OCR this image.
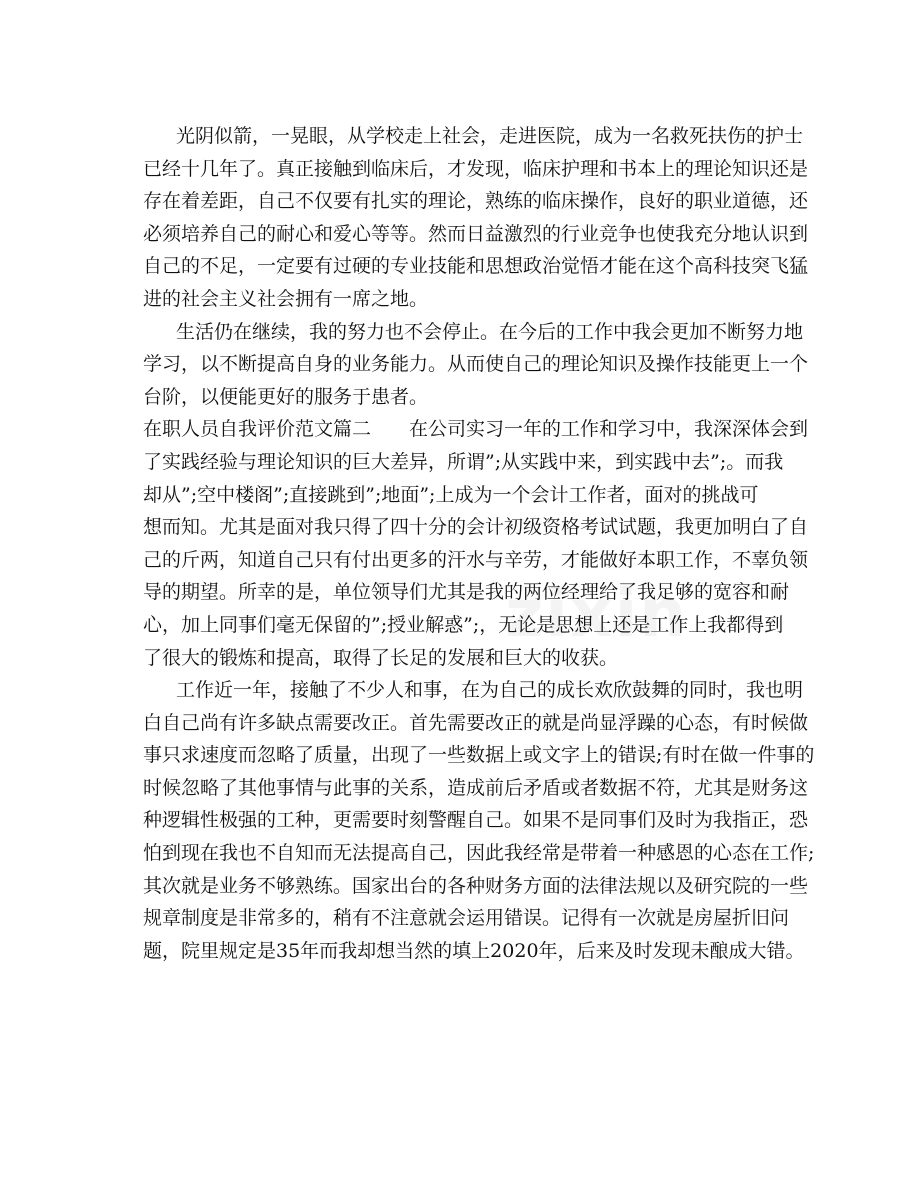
zixin
光阴似箭，一晃眼，从学校走上社会，走进医院，成为一名救死扶伤的护士
已经十几年了。真正接触到临床后，才发现，临床护理和书本上的理论知识还是
存在着差距，自己不仅要有扎实的理论，熟练的临床操作，良好的职业道德，还
必须培养自己的耐心和爱心等等。然而日益激烈的行业竞争也使我充分地认识到
自己的不足，一定要有过硬的专业技能和思想政治觉悟才能在这个高科技突飞猛
进的社会主义社会拥有一席之地。
生活仍在继续，我的努力也不会停止。在今后的工作中我会更加不断努力地
学习，以不断提高自身的业务能力。从而使自己的理论知识及操作技能更上一个
台阶，以便能更好的服务于患者。
在职人员自我评价范文篇二 在公司实习一年的工作和学习中，我深深体会到
了实践经验与理论知识的巨大差异，所谓”;从实践中来，到实践中去”;。而我
却从”;空中楼阁”;直接跳到”;地面”;上成为一个会计工作者，面对的挑战可
想而知。尤其是面对我只得了四十分的会计初级资格考试试题，我更加明白了自
己的斤两，知道自己只有付出更多的汗水与辛劳，才能做好本职工作，不辜负领
导的期望。所幸的是，单位领导们尤其是我的两位经理给了我足够的宽容和耐
心，加上同事们毫无保留的”;授业解惑”;，无论是思想上还是工作上我都得到
了很大的锻炼和提高，取得了长足的发展和巨大的收获。
工作近一年，接触了不少人和事，在为自己的成长欢欣鼓舞的同时，我也明
白自己尚有许多缺点需要改正。首先需要改正的就是尚显浮躁的心态，有时候做
事只求速度而忽略了质量，出现了一些数据上或文字上的错误;有时在做一件事的
时候忽略了其他事情与此事的关系，造成前后矛盾或者数据不符，尤其是财务这
种逻辑性极强的工种，更需要时刻警醒自己。如果不是同事们及时为我指正，恐
怕到现在我也不自知而无法提高自己，因此我经常是带着一种感恩的心态在工作;
其次就是业务不够熟练。国家出台的各种财务方面的法律法规以及研究院的一些
规章制度是非常多的，稍有不注意就会运用错误。记得有一次就是房屋折旧问
题，院里规定是35年而我却想当然的填上2020年，后来及时发现未酿成大错。
